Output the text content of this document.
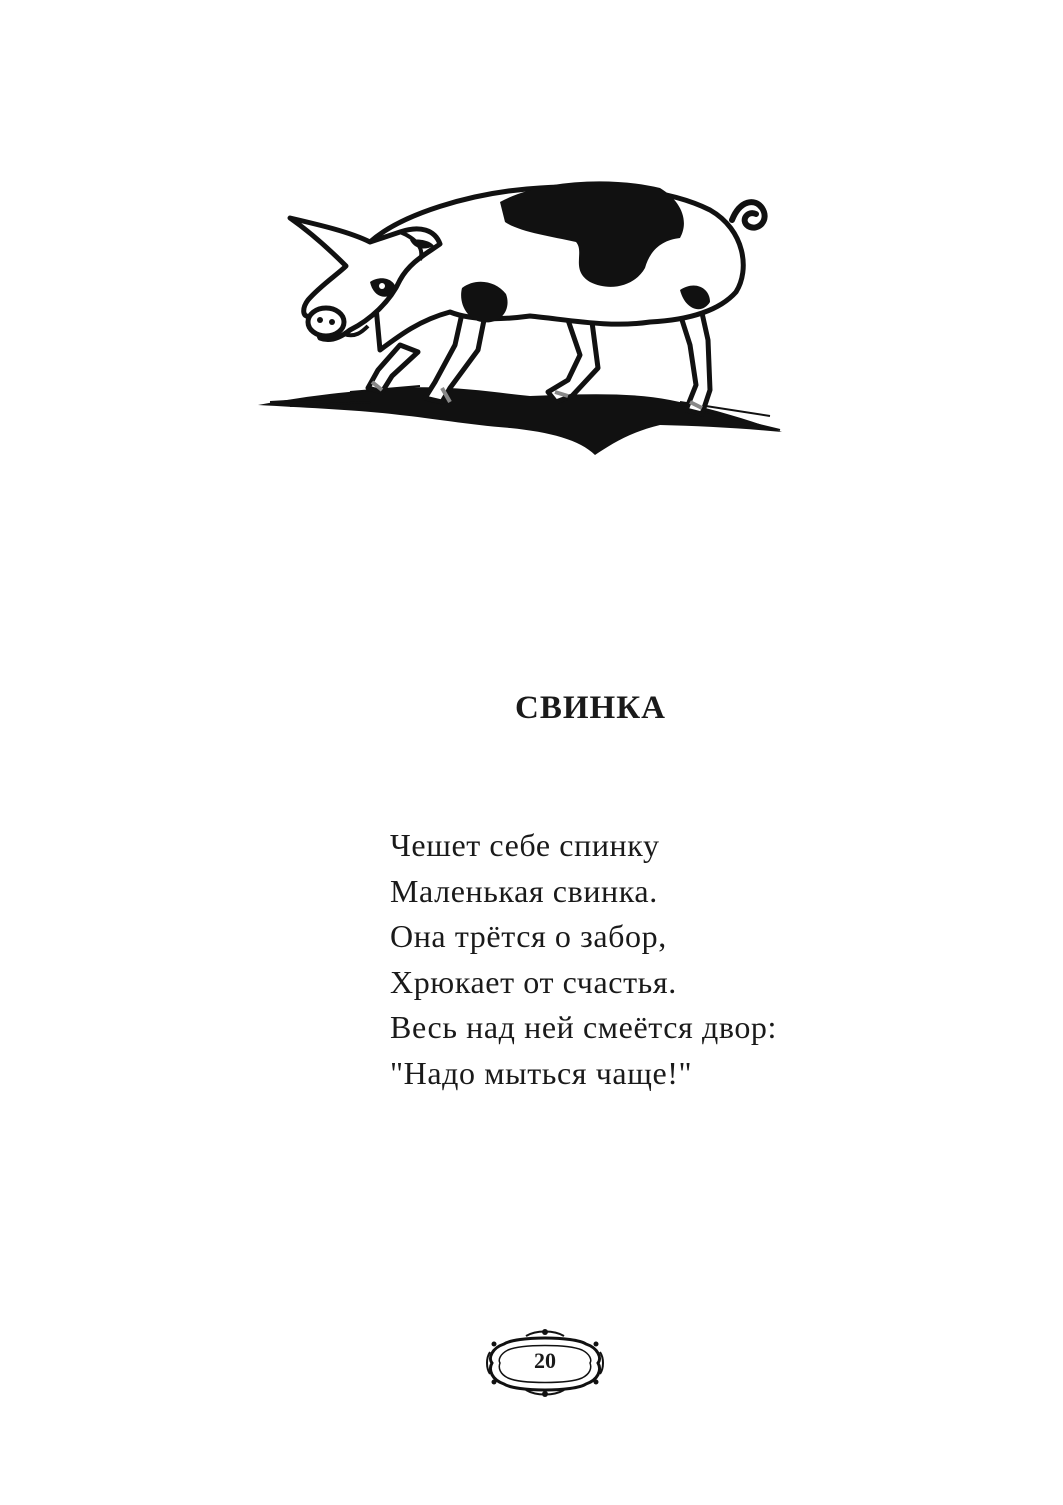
СВИНКА
Чешет себе спинку
Маленькая свинка.
Она трётся о забор,
Хрюкает от счастья.
Весь над ней смеётся двор:
"Надо мыться чаще!"
20
